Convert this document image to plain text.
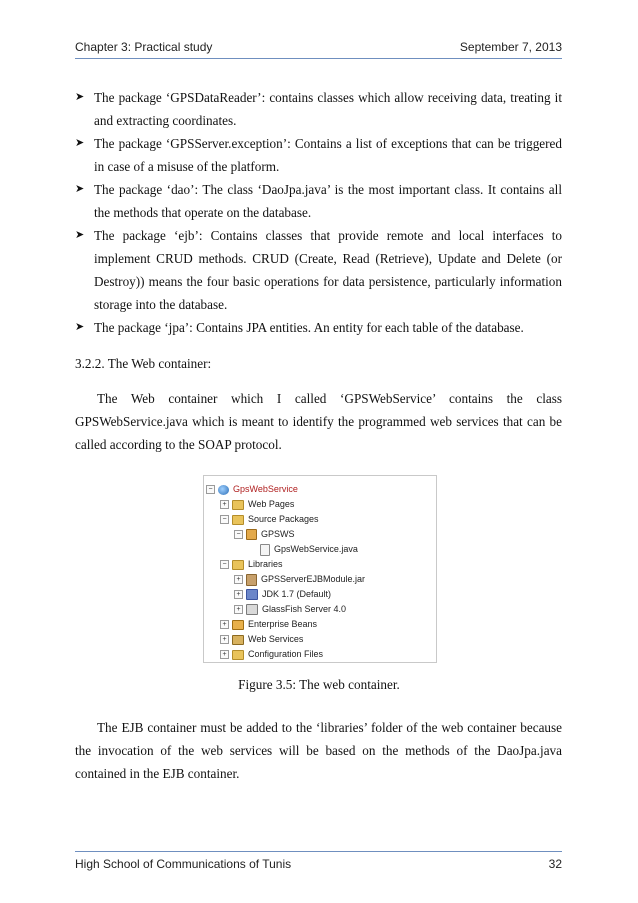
Chapter 3: Practical study	September 7, 2013
➤ The package ‘GPSDataReader’: contains classes which allow receiving data, treating it and extracting coordinates.
➤ The package ‘GPSServer.exception’: Contains a list of exceptions that can be triggered in case of a misuse of the platform.
➤ The package ‘dao’: The class ‘DaoJpa.java’ is the most important class. It contains all the methods that operate on the database.
➤ The package ‘ejb’: Contains classes that provide remote and local interfaces to implement CRUD methods. CRUD (Create, Read (Retrieve), Update and Delete (or Destroy)) means the four basic operations for data persistence, particularly information storage into the database.
➤ The package ‘jpa’: Contains JPA entities. An entity for each table of the database.
3.2.2. The Web container:
The Web container which I called ‘GPSWebService’ contains the class GPSWebService.java which is meant to identify the programmed web services that can be called according to the SOAP protocol.
− GpsWebService
+ Web Pages
− Source Packages
− GPSWS
GpsWebService.java
− Libraries
+ GPSServerEJBModule.jar
+ JDK 1.7 (Default)
+ GlassFish Server 4.0
+ Enterprise Beans
+ Web Services
+ Configuration Files
Figure 3.5: The web container.
The EJB container must be added to the ‘libraries’ folder of the web container because the invocation of the web services will be based on the methods of the DaoJpa.java contained in the EJB container.
High School of Communications of Tunis	32
